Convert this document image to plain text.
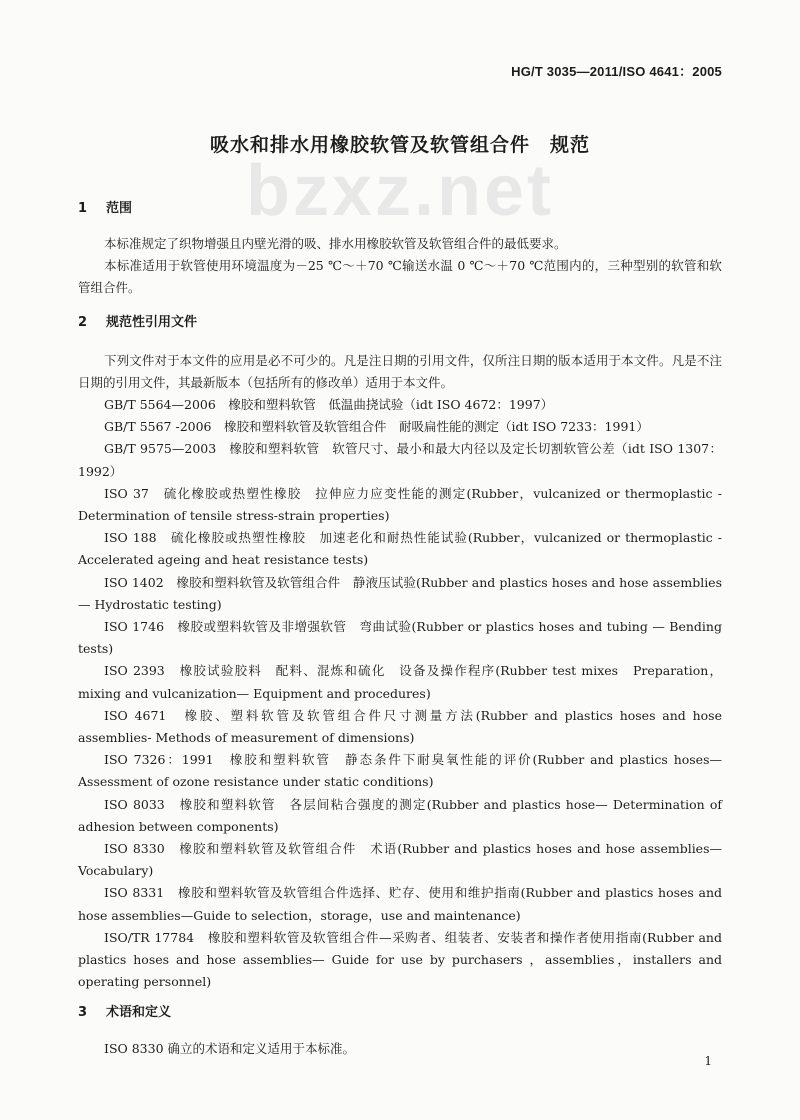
HG/T 3035—2011/ISO 4641：2005
bzxz.net
吸水和排水用橡胶软管及软管组合件　规范
1 范围

本标准规定了织物增强且内壁光滑的吸、排水用橡胶软管及软管组合件的最低要求。

本标准适用于软管使用环境温度为－25 ℃～＋70 ℃输送水温 0 ℃～＋70 ℃范围内的，三种型别的软管和软管组合件。

2 规范性引用文件

下列文件对于本文件的应用是必不可少的。凡是注日期的引用文件，仅所注日期的版本适用于本文件。凡是不注日期的引用文件，其最新版本（包括所有的修改单）适用于本文件。

GB/T 5564—2006　橡胶和塑料软管　低温曲挠试验（idt ISO 4672：1997）

GB/T 5567 -2006　橡胶和塑料软管及软管组合件　耐吸扁性能的测定（idt ISO 7233：1991）

GB/T 9575—2003　橡胶和塑料软管　软管尺寸、最小和最大内径以及定长切割软管公差（idt ISO 1307：1992）

ISO 37　硫化橡胶或热塑性橡胶　拉伸应力应变性能的测定(Rubber，vulcanized or thermoplastic - Determination of tensile stress-strain properties)

ISO 188　硫化橡胶或热塑性橡胶　加速老化和耐热性能试验(Rubber，vulcanized or thermoplastic - Accelerated ageing and heat resistance tests)

ISO 1402　橡胶和塑料软管及软管组合件　静液压试验(Rubber and plastics hoses and hose assemblies — Hydrostatic testing)

ISO 1746　橡胶或塑料软管及非增强软管　弯曲试验(Rubber or plastics hoses and tubing — Bending tests)

ISO 2393　橡胶试验胶料　配料、混炼和硫化　设备及操作程序(Rubber test mixes　Preparation，mixing and vulcanization— Equipment and procedures)

ISO 4671　橡胶、塑料软管及软管组合件尺寸测量方法(Rubber and plastics hoses and hose assemblies- Methods of measurement of dimensions)

ISO 7326：1991　橡胶和塑料软管　静态条件下耐臭氧性能的评价(Rubber and plastics hoses— Assessment of ozone resistance under static conditions)

ISO 8033　橡胶和塑料软管　各层间粘合强度的测定(Rubber and plastics hose— Determination of adhesion between components)

ISO 8330　橡胶和塑料软管及软管组合件　术语(Rubber and plastics hoses and hose assemblies—Vocabulary)

ISO 8331　橡胶和塑料软管及软管组合件选择、贮存、使用和维护指南(Rubber and plastics hoses and hose assemblies—Guide to selection，storage，use and maintenance)

ISO/TR 17784　橡胶和塑料软管及软管组合件—采购者、组装者、安装者和操作者使用指南(Rubber and plastics hoses and hose assemblies— Guide for use by purchasers ，assemblies，installers and operating personnel)

3 术语和定义

ISO 8330 确立的术语和定义适用于本标准。

1
